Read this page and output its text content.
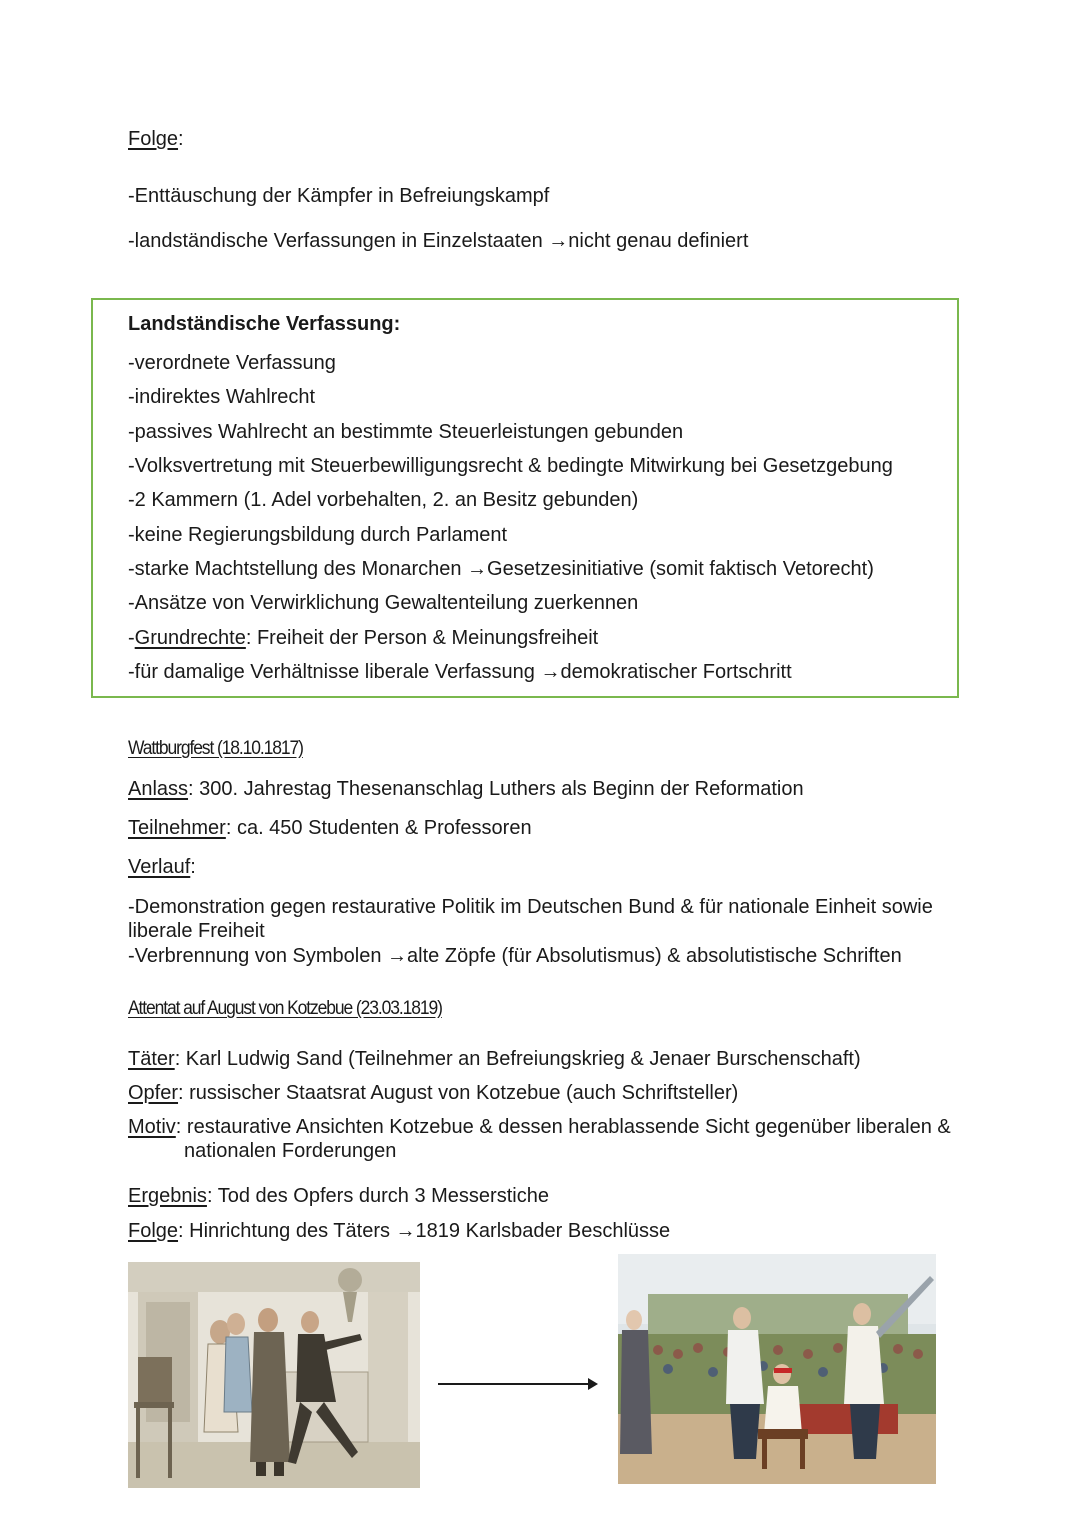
Folge:
-Enttäuschung der Kämpfer in Befreiungskampf
-landständische Verfassungen in Einzelstaaten →nicht genau definiert
Landständische Verfassung:
-verordnete Verfassung
-indirektes Wahlrecht
-passives Wahlrecht an bestimmte Steuerleistungen gebunden
-Volksvertretung mit Steuerbewilligungsrecht & bedingte Mitwirkung bei Gesetzgebung
-2 Kammern (1. Adel vorbehalten, 2. an Besitz gebunden)
-keine Regierungsbildung durch Parlament
-starke Machtstellung des Monarchen →Gesetzesinitiative (somit faktisch Vetorecht)
-Ansätze von Verwirklichung Gewaltenteilung zuerkennen
-Grundrechte: Freiheit der Person & Meinungsfreiheit
-für damalige Verhältnisse liberale Verfassung →demokratischer Fortschritt
Wattburgfest (18.10.1817)
Anlass: 300. Jahrestag Thesenanschlag Luthers als Beginn der Reformation
Teilnehmer: ca. 450 Studenten & Professoren
Verlauf:
-Demonstration gegen restaurative Politik im Deutschen Bund & für nationale Einheit sowie
liberale Freiheit
-Verbrennung von Symbolen →alte Zöpfe (für Absolutismus) & absolutistische Schriften
Attentat auf August von Kotzebue (23.03.1819)
Täter: Karl Ludwig Sand (Teilnehmer an Befreiungskrieg & Jenaer Burschenschaft)
Opfer: russischer Staatsrat August von Kotzebue (auch Schriftsteller)
Motiv: restaurative Ansichten Kotzebue & dessen herablassende Sicht gegenüber liberalen &
nationalen Forderungen
Ergebnis: Tod des Opfers durch 3 Messerstiche
Folge: Hinrichtung des Täters →1819 Karlsbader Beschlüsse
